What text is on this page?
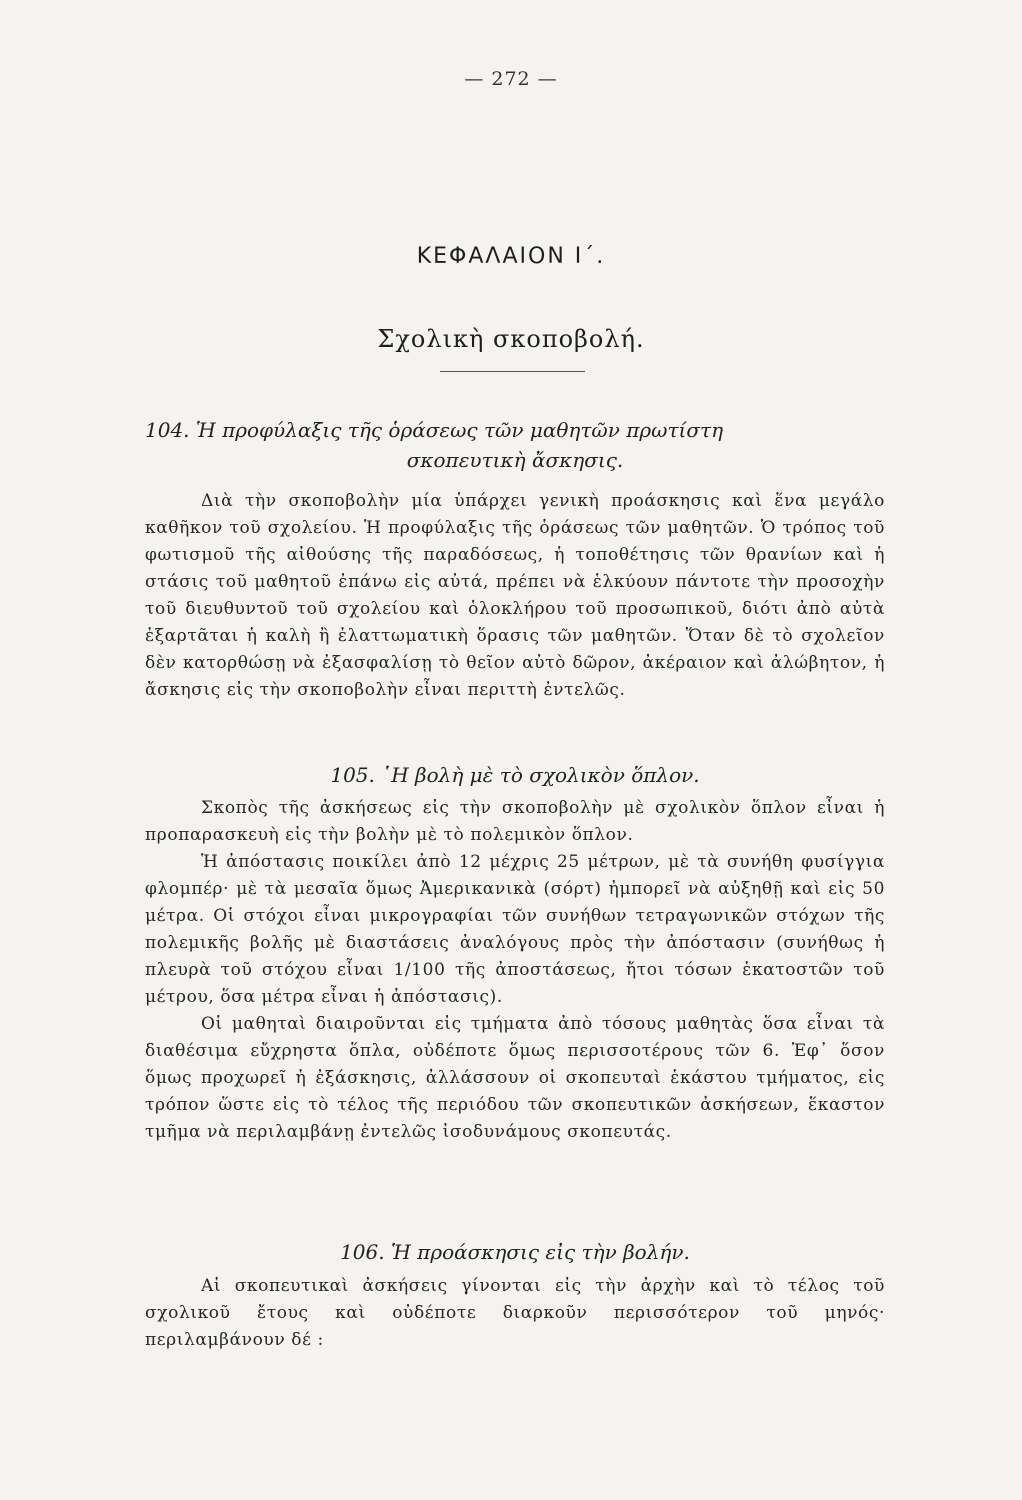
— 272 —
ΚΕΦΑΛΑΙΟΝ Ι΄.
Σχολικὴ σκοποβολή.
104. Ἡ προφύλαξις τῆς ὁράσεως τῶν μαθητῶν πρωτίστη
σκοπευτικὴ ἄσκησις.

Διὰ τὴν σκοποβολὴν μία ὑπάρχει γενικὴ προάσκησις καὶ ἕνα μεγάλο καθῆκον τοῦ σχολείου. Ἡ προφύλαξις τῆς ὁράσεως τῶν μαθητῶν. Ὁ τρόπος τοῦ φωτισμοῦ τῆς αἰθούσης τῆς παραδόσεως, ἡ τοποθέτησις τῶν θρανίων καὶ ἡ στάσις τοῦ μαθητοῦ ἐπάνω εἰς αὐτά, πρέπει νὰ ἑλκύουν πάντοτε τὴν προσοχὴν τοῦ διευθυντοῦ τοῦ σχολείου καὶ ὁλοκλήρου τοῦ προσωπικοῦ, διότι ἀπὸ αὐτὰ ἐξαρτᾶται ἡ καλὴ ἢ ἐλαττωματικὴ ὅρασις τῶν μαθητῶν. Ὅταν δὲ τὸ σχολεῖον δὲν κατορθώσῃ νὰ ἐξασφαλίσῃ τὸ θεῖον αὐτὸ δῶρον, ἀκέραιον καὶ ἀλώβητον, ἡ ἄσκησις εἰς τὴν σκοποβολὴν εἶναι περιττὴ ἐντελῶς.

105. ῾Η βολὴ μὲ τὸ σχολικὸν ὅπλον.

Σκοπὸς τῆς ἀσκήσεως εἰς τὴν σκοποβολὴν μὲ σχολικὸν ὅπλον εἶναι ἡ προπαρασκευὴ εἰς τὴν βολὴν μὲ τὸ πολεμικὸν ὅπλον.

Ἡ ἀπόστασις ποικίλει ἀπὸ 12 μέχρις 25 μέτρων, μὲ τὰ συνήθη φυσίγγια φλομπέρ· μὲ τὰ μεσαῖα ὅμως Ἀμερικανικὰ (σόρτ) ἠμπορεῖ νὰ αὐξηθῇ καὶ εἰς 50 μέτρα. Οἱ στόχοι εἶναι μικρογραφίαι τῶν συνήθων τετραγωνικῶν στόχων τῆς πολεμικῆς βολῆς μὲ διαστάσεις ἀναλόγους πρὸς τὴν ἀπόστασιν (συνήθως ἡ πλευρὰ τοῦ στόχου εἶναι 1/100 τῆς ἀποστάσεως, ἤτοι τόσων ἑκατοστῶν τοῦ μέτρου, ὅσα μέτρα εἶναι ἡ ἀπόστασις).

Οἱ μαθηταὶ διαιροῦνται εἰς τμήματα ἀπὸ τόσους μαθητὰς ὅσα εἶναι τὰ διαθέσιμα εὔχρηστα ὅπλα, οὐδέποτε ὅμως περισσοτέρους τῶν 6. Ἐφ᾿ ὅσον ὅμως προχωρεῖ ἡ ἐξάσκησις, ἀλλάσσουν οἱ σκοπευταὶ ἑκάστου τμήματος, εἰς τρόπον ὥστε εἰς τὸ τέλος τῆς περιόδου τῶν σκοπευτικῶν ἀσκήσεων, ἕκαστον τμῆμα νὰ περιλαμβάνῃ ἐντελῶς ἰσοδυνάμους σκοπευτάς.

106. Ἡ προάσκησις εἰς τὴν βολήν.

Αἱ σκοπευτικαὶ ἀσκήσεις γίνονται εἰς τὴν ἀρχὴν καὶ τὸ τέλος τοῦ σχολικοῦ ἔτους καὶ οὐδέποτε διαρκοῦν περισσότερον τοῦ μηνός· περιλαμβάνουν δέ :
